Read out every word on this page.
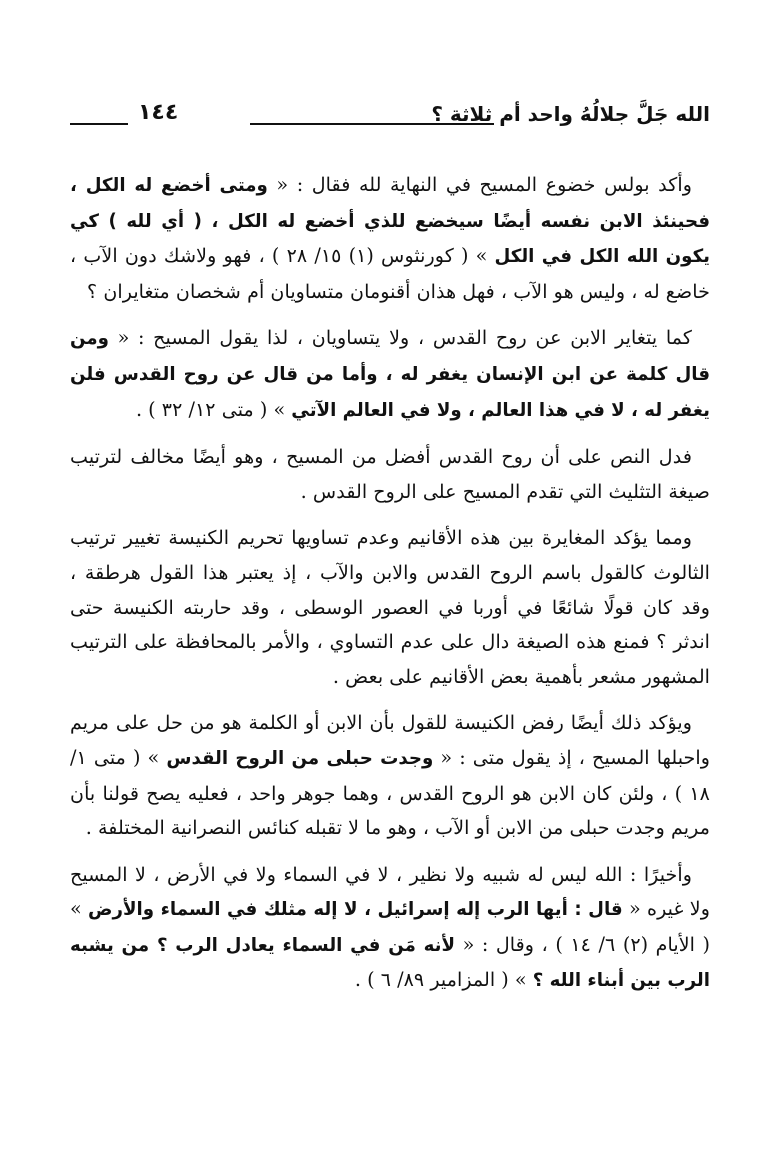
الله جَلَّ جلالُهُ واحد أم ثلاثة ؟
١٤٤

وأكد بولس خضوع المسيح في النهاية لله فقال : « ومتى أخضع له الكل ، فحينئذ الابن نفسه أيضًا سيخضع للذي أخضع له الكل ، ( أي لله ) كي يكون الله الكل في الكل » ( كورنثوس (١) ١٥/ ٢٨ ) ، فهو ولاشك دون الآب ، خاضع له ، وليس هو الآب ، فهل هذان أقنومان متساويان أم شخصان متغايران ؟

كما يتغاير الابن عن روح القدس ، ولا يتساويان ، لذا يقول المسيح : « ومن قال كلمة عن ابن الإنسان يغفر له ، وأما من قال عن روح القدس فلن يغفر له ، لا في هذا العالم ، ولا في العالم الآتي » ( متى ١٢/ ٣٢ ) .

فدل النص على أن روح القدس أفضل من المسيح ، وهو أيضًا مخالف لترتيب صيغة التثليث التي تقدم المسيح على الروح القدس .

ومما يؤكد المغايرة بين هذه الأقانيم وعدم تساويها تحريم الكنيسة تغيير ترتيب الثالوث كالقول باسم الروح القدس والابن والآب ، إذ يعتبر هذا القول هرطقة ، وقد كان قولًا شائعًا في أوربا في العصور الوسطى ، وقد حاربته الكنيسة حتى اندثر ؟ فمنع هذه الصيغة دال على عدم التساوي ، والأمر بالمحافظة على الترتيب المشهور مشعر بأهمية بعض الأقانيم على بعض .

ويؤكد ذلك أيضًا رفض الكنيسة للقول بأن الابن أو الكلمة هو من حل على مريم واحبلها المسيح ، إذ يقول متى : « وجدت حبلى من الروح القدس » ( متى ١/ ١٨ ) ، ولئن كان الابن هو الروح القدس ، وهما جوهر واحد ، فعليه يصح قولنا بأن مريم وجدت حبلى من الابن أو الآب ، وهو ما لا تقبله كنائس النصرانية المختلفة .

وأخيرًا : الله ليس له شبيه ولا نظير ، لا في السماء ولا في الأرض ، لا المسيح ولا غيره « قال : أيها الرب إله إسرائيل ، لا إله مثلك في السماء والأرض » ( الأيام (٢) ٦/ ١٤ ) ، وقال : « لأنه مَن في السماء يعادل الرب ؟ من يشبه الرب بين أبناء الله ؟ » ( المزامير ٨٩/ ٦ ) .
